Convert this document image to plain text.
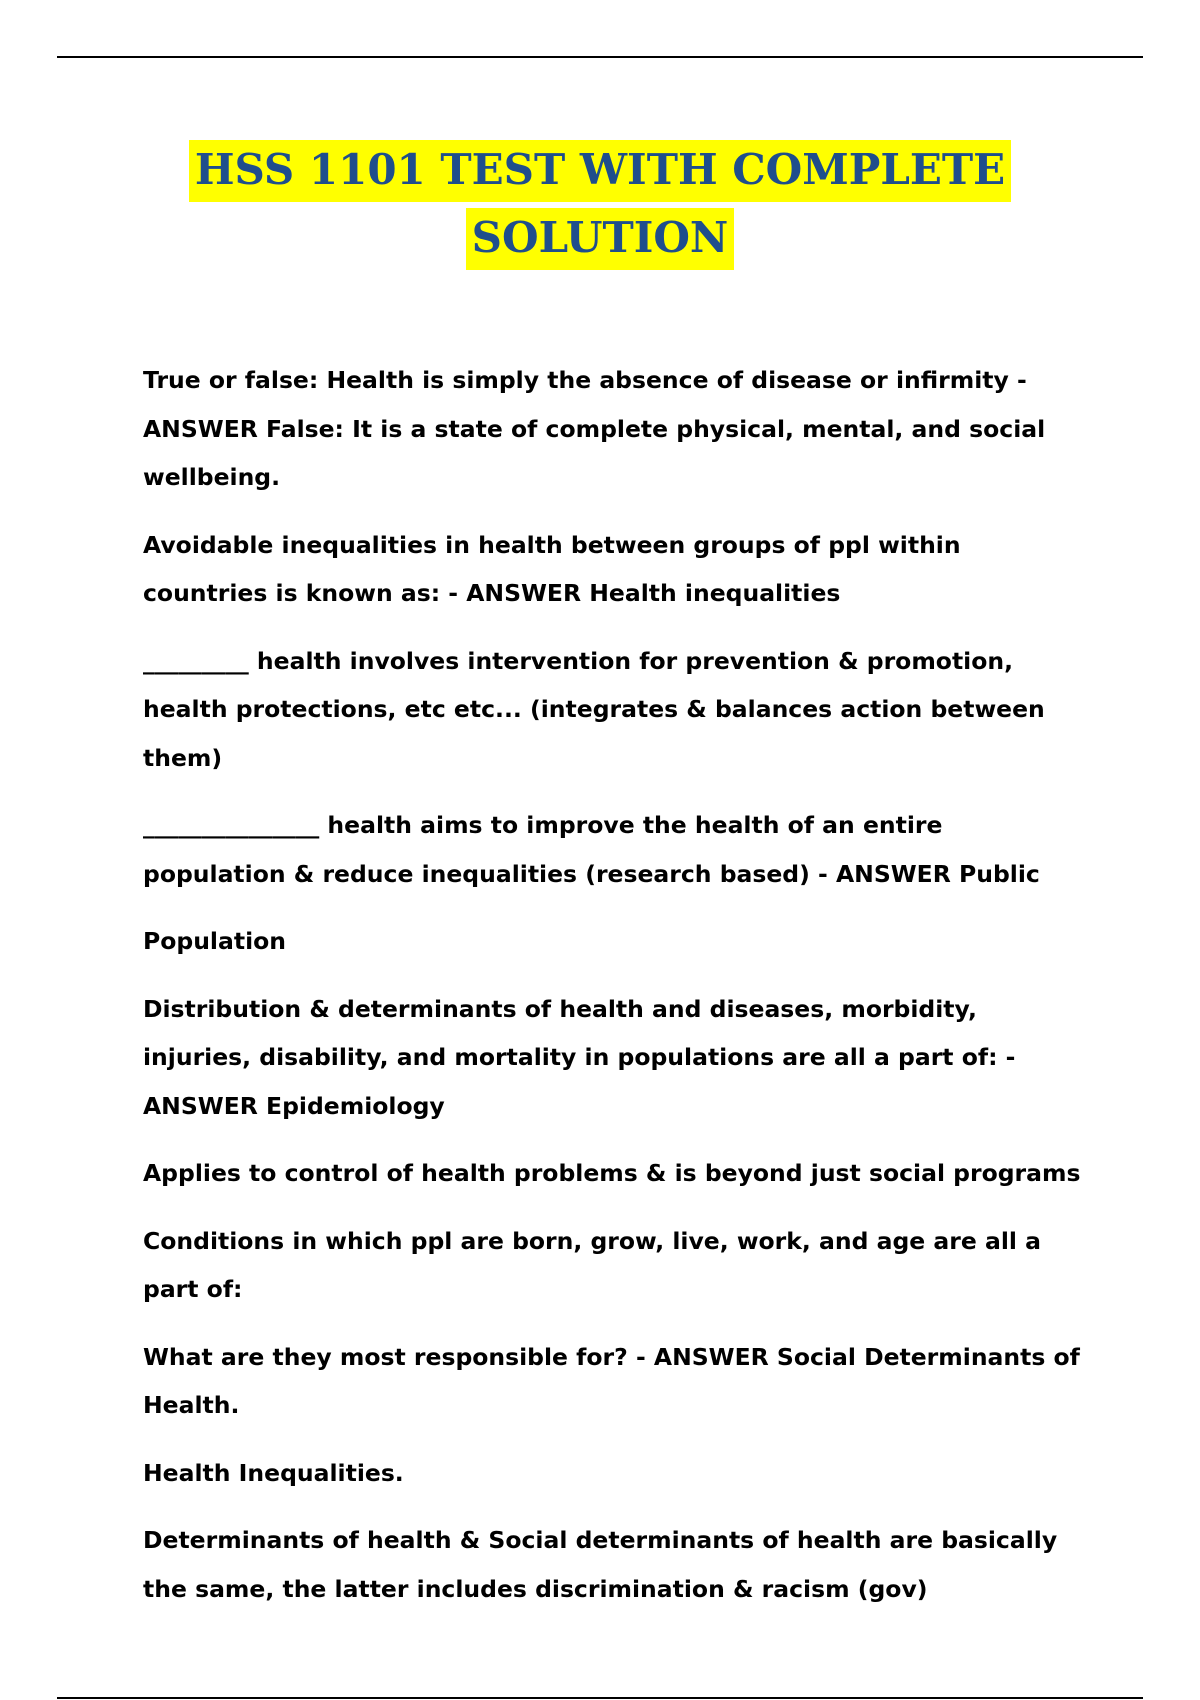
HSS 1101 TEST WITH COMPLETE
SOLUTION

True or false: Health is simply the absence of disease or infirmity - ANSWER False: It is a state of complete physical, mental, and social wellbeing.

Avoidable inequalities in health between groups of ppl within countries is known as: - ANSWER Health inequalities

_________ health involves intervention for prevention & promotion, health protections, etc etc... (integrates & balances action between them)

_______________ health aims to improve the health of an entire population & reduce inequalities (research based) - ANSWER Public

Population

Distribution & determinants of health and diseases, morbidity, injuries, disability, and mortality in populations are all a part of: - ANSWER Epidemiology

Applies to control of health problems & is beyond just social programs

Conditions in which ppl are born, grow, live, work, and age are all a part of:

What are they most responsible for? - ANSWER Social Determinants of Health.

Health Inequalities.

Determinants of health & Social determinants of health are basically the same, the latter includes discrimination & racism (gov)
